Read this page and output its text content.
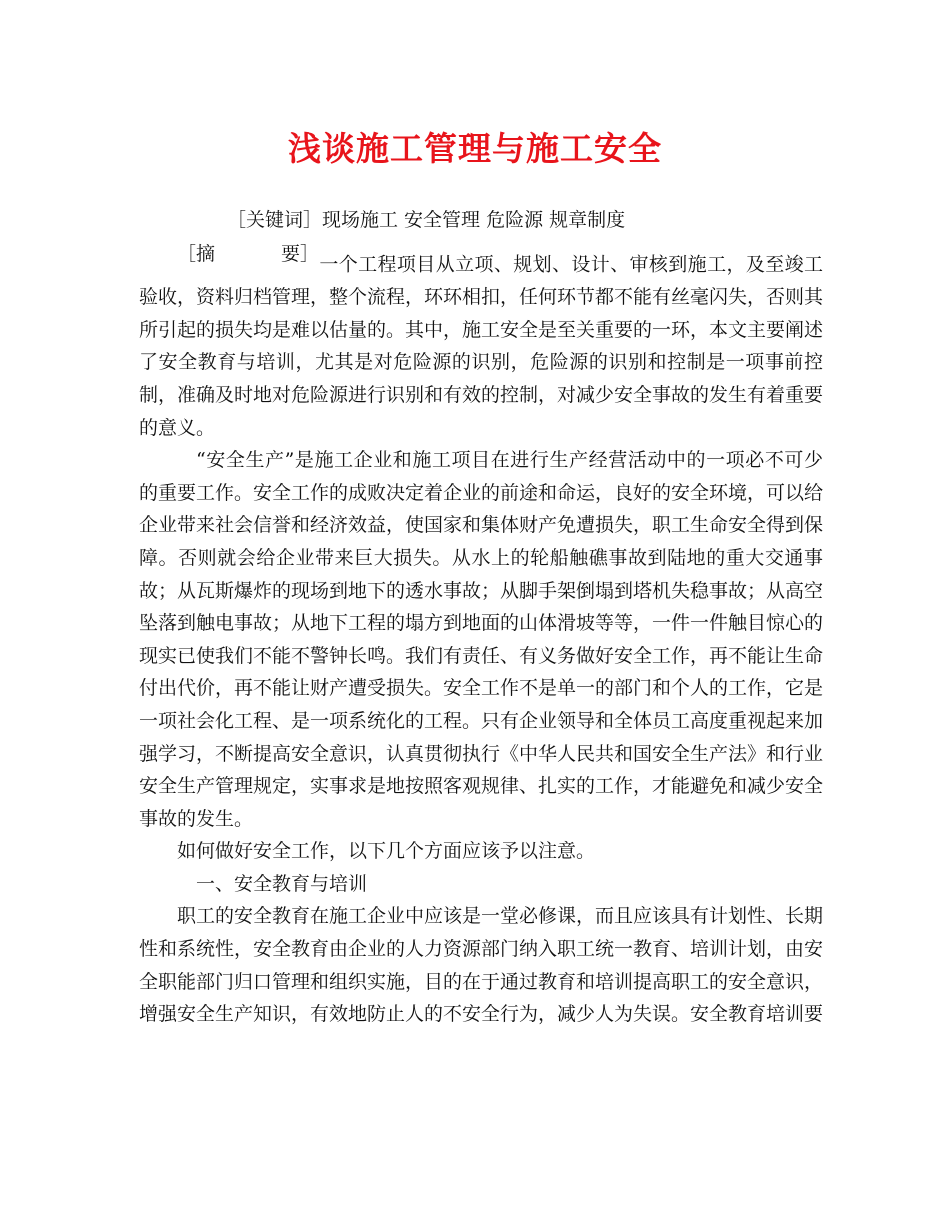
浅谈施工管理与施工安全
［关键词］现场施工 安全管理 危险源 规章制度

［摘	要］ 一个工程项目从立项、规划、设计、审核到施工，及至竣工验收，资料归档管理，整个流程，环环相扣，任何环节都不能有丝毫闪失，否则其所引起的损失均是难以估量的。其中，施工安全是至关重要的一环，本文主要阐述了安全教育与培训，尤其是对危险源的识别，危险源的识别和控制是一项事前控制，准确及时地对危险源进行识别和有效的控制，对减少安全事故的发生有着重要的意义。

“安全生产”是施工企业和施工项目在进行生产经营活动中的一项必不可少的重要工作。安全工作的成败决定着企业的前途和命运，良好的安全环境，可以给企业带来社会信誉和经济效益，使国家和集体财产免遭损失，职工生命安全得到保障。否则就会给企业带来巨大损失。从水上的轮船触礁事故到陆地的重大交通事故；从瓦斯爆炸的现场到地下的透水事故；从脚手架倒塌到塔机失稳事故；从高空坠落到触电事故；从地下工程的塌方到地面的山体滑坡等等，一件一件触目惊心的现实已使我们不能不警钟长鸣。我们有责任、有义务做好安全工作，再不能让生命付出代价，再不能让财产遭受损失。安全工作不是单一的部门和个人的工作，它是一项社会化工程、是一项系统化的工程。只有企业领导和全体员工高度重视起来加强学习，不断提高安全意识，认真贯彻执行《中华人民共和国安全生产法》和行业安全生产管理规定，实事求是地按照客观规律、扎实的工作，才能避免和减少安全事故的发生。

如何做好安全工作，以下几个方面应该予以注意。

一、安全教育与培训

职工的安全教育在施工企业中应该是一堂必修课，而且应该具有计划性、长期性和系统性，安全教育由企业的人力资源部门纳入职工统一教育、培训计划，由安全职能部门归口管理和组织实施，目的在于通过教育和培训提高职工的安全意识，增强安全生产知识，有效地防止人的不安全行为，减少人为失误。安全教育培训要
